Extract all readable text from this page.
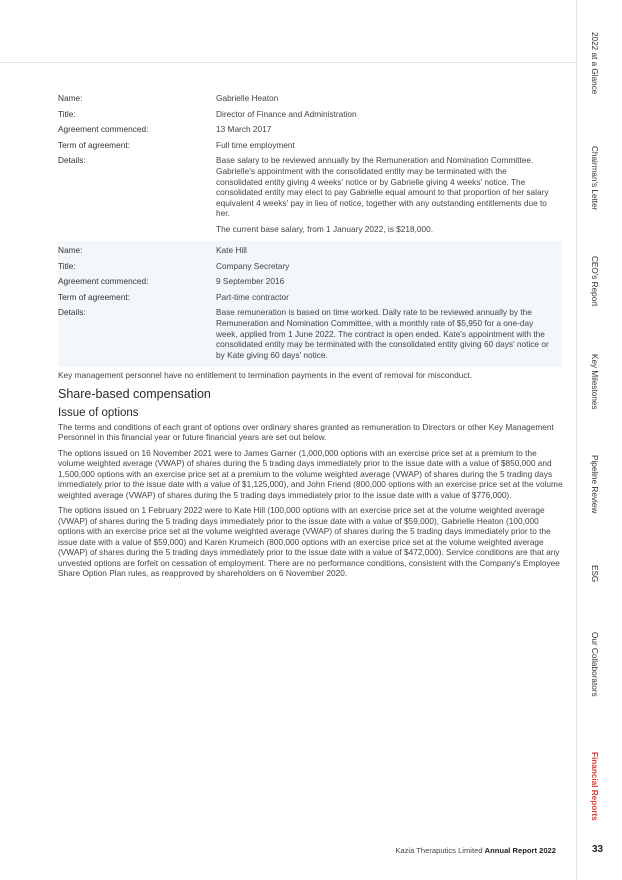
Name:	Gabrielle Heaton
Title:	Director of Finance and Administration
Agreement commenced:	13 March 2017
Term of agreement:	Full time employment
Details:	Base salary to be reviewed annually by the Remuneration and Nomination Committee. Gabrielle's appointment with the consolidated entity may be terminated with the consolidated entity giving 4 weeks' notice or by Gabrielle giving 4 weeks' notice. The consolidated entity may elect to pay Gabrielle equal amount to that proportion of her salary equivalent 4 weeks' pay in lieu of notice, together with any outstanding entitlements due to her.

The current base salary, from 1 January 2022, is $218,000.

Name:	Kate Hill
Title:	Company Secretary
Agreement commenced:	9 September 2016
Term of agreement:	Part-time contractor
Details:	Base remuneration is based on time worked. Daily rate to be reviewed annually by the Remuneration and Nomination Committee, with a monthly rate of $5,950 for a one-day week, applied from 1 June 2022. The contract is open ended. Kate's appointment with the consolidated entity may be terminated with the consolidated entity giving 60 days' notice or by Kate giving 60 days' notice.

Key management personnel have no entitlement to termination payments in the event of removal for misconduct.

Share-based compensation
Issue of options

The terms and conditions of each grant of options over ordinary shares granted as remuneration to Directors or other Key Management Personnel in this financial year or future financial years are set out below.

The options issued on 16 November 2021 were to James Garner (1,000,000 options with an exercise price set at a premium to the volume weighted average (VWAP) of shares during the 5 trading days immediately prior to the issue date with a value of $850,000 and 1,500,000 options with an exercise price set at a premium to the volume weighted average (VWAP) of shares during the 5 trading days immediately prior to the issue date with a value of $1,125,000), and John Friend (800,000 options with an exercise price set at the volume weighted average (VWAP) of shares during the 5 trading days immediately prior to the issue date with a value of $776,000).

The options issued on 1 February 2022 were to Kate Hill (100,000 options with an exercise price set at the volume weighted average (VWAP) of shares during the 5 trading days immediately prior to the issue date with a value of $59,000), Gabrielle Heaton (100,000 options with an exercise price set at the volume weighted average (VWAP) of shares during the 5 trading days immediately prior to the issue date with a value of $59,000) and Karen Krumeich (800,000 options with an exercise price set at the volume weighted average (VWAP) of shares during the 5 trading days immediately prior to the issue date with a value of $472,000). Service conditions are that any unvested options are forfeit on cessation of employment. There are no performance conditions, consistent with the Company's Employee Share Option Plan rules, as reapproved by shareholders on 6 November 2020.

2022 at a Glance
Chairman's Letter
CEO's Report
Key Milestones
Pipeline Review
ESG
Our Collaborators
Financial Reports
Kazia Theraputics Limited Annual Report 2022	33
